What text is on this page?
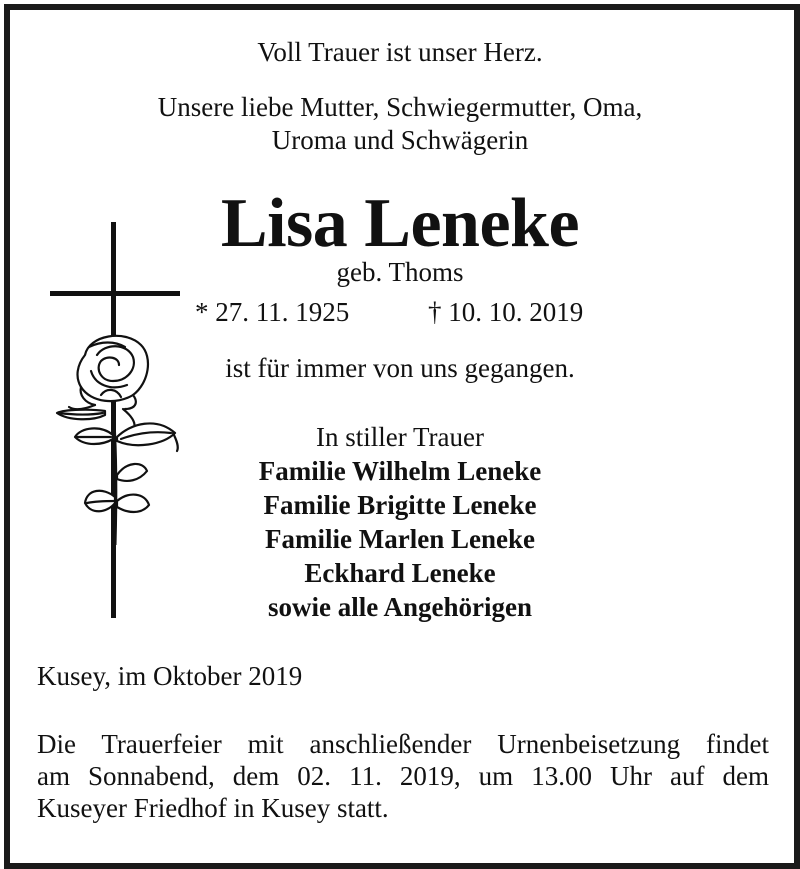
Voll Trauer ist unser Herz.
Unsere liebe Mutter, Schwiegermutter, Oma,
Uroma und Schwägerin
Lisa Leneke
geb. Thoms
* 27. 11. 1925	† 10. 10. 2019
ist für immer von uns gegangen.
In stiller Trauer
Familie Wilhelm Leneke
Familie Brigitte Leneke
Familie Marlen Leneke
Eckhard Leneke
sowie alle Angehörigen
Kusey, im Oktober 2019
Die Trauerfeier mit anschließender Urnenbeisetzung findet
am Sonnabend, dem 02. 11. 2019, um 13.00 Uhr auf dem
Kuseyer Friedhof in Kusey statt.
